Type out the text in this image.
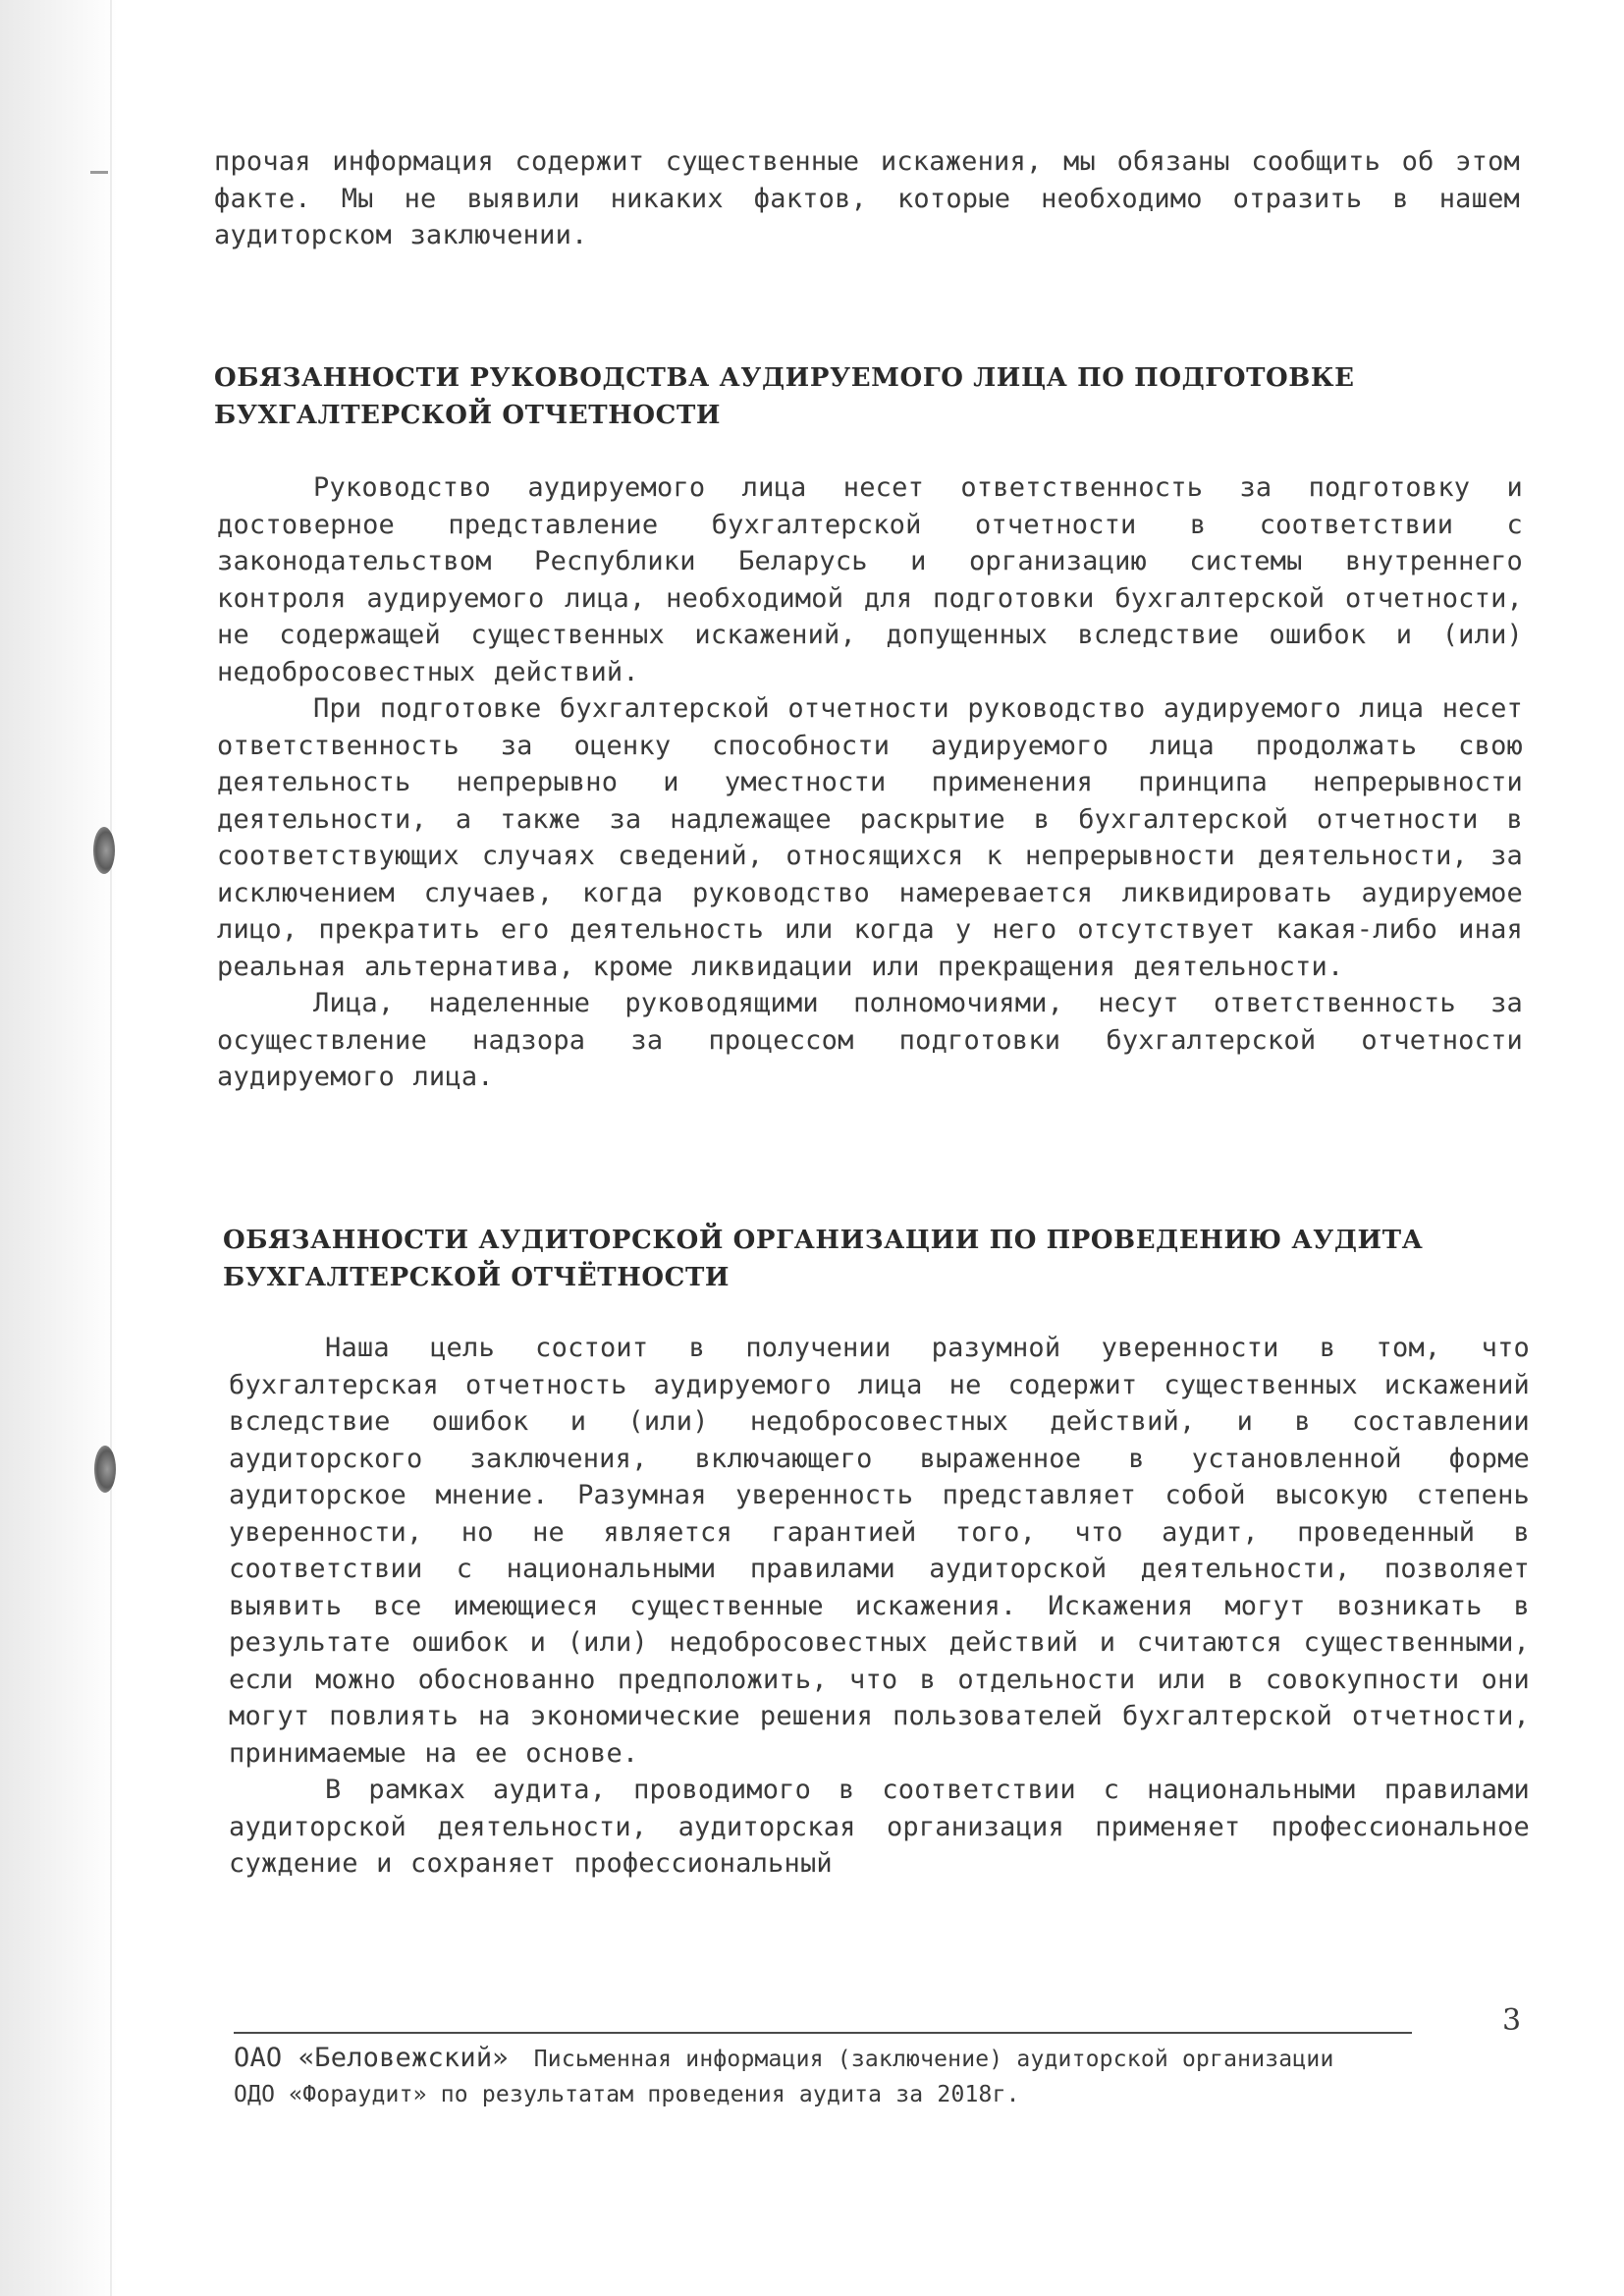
прочая информация содержит существенные искажения, мы обязаны сообщить об этом факте. Мы не выявили никаких фактов, которые необходимо отразить в нашем аудиторском заключении.

ОБЯЗАННОСТИ РУКОВОДСТВА АУДИРУЕМОГО ЛИЦА ПО ПОДГОТОВКЕ БУХГАЛТЕРСКОЙ ОТЧЕТНОСТИ

Руководство аудируемого лица несет ответственность за подготовку и достоверное представление бухгалтерской отчетности в соответствии с законодательством Республики Беларусь и организацию системы внутреннего контроля аудируемого лица, необходимой для подготовки бухгалтерской отчетности, не содержащей существенных искажений, допущенных вследствие ошибок и (или) недобросовестных действий.

При подготовке бухгалтерской отчетности руководство аудируемого лица несет ответственность за оценку способности аудируемого лица продолжать свою деятельность непрерывно и уместности применения принципа непрерывности деятельности, а также за надлежащее раскрытие в бухгалтерской отчетности в соответствующих случаях сведений, относящихся к непрерывности деятельности, за исключением случаев, когда руководство намеревается ликвидировать аудируемое лицо, прекратить его деятельность или когда у него отсутствует какая-либо иная реальная альтернатива, кроме ликвидации или прекращения деятельности.

Лица, наделенные руководящими полномочиями, несут ответственность за осуществление надзора за процессом подготовки бухгалтерской отчетности аудируемого лица.

ОБЯЗАННОСТИ АУДИТОРСКОЙ ОРГАНИЗАЦИИ ПО ПРОВЕДЕНИЮ АУДИТА БУХГАЛТЕРСКОЙ ОТЧЁТНОСТИ

Наша цель состоит в получении разумной уверенности в том, что бухгалтерская отчетность аудируемого лица не содержит существенных искажений вследствие ошибок и (или) недобросовестных действий, и в составлении аудиторского заключения, включающего выраженное в установленной форме аудиторское мнение. Разумная уверенность представляет собой высокую степень уверенности, но не является гарантией того, что аудит, проведенный в соответствии с национальными правилами аудиторской деятельности, позволяет выявить все имеющиеся существенные искажения. Искажения могут возникать в результате ошибок и (или) недобросовестных действий и считаются существенными, если можно обоснованно предположить, что в отдельности или в совокупности они могут повлиять на экономические решения пользователей бухгалтерской отчетности, принимаемые на ее основе.

В рамках аудита, проводимого в соответствии с национальными правилами аудиторской деятельности, аудиторская организация применяет профессиональное суждение и сохраняет профессиональный

3
ОАО «Беловежский» Письменная информация (заключение) аудиторской организации
ОДО «Фораудит» по результатам проведения аудита за 2018г.
